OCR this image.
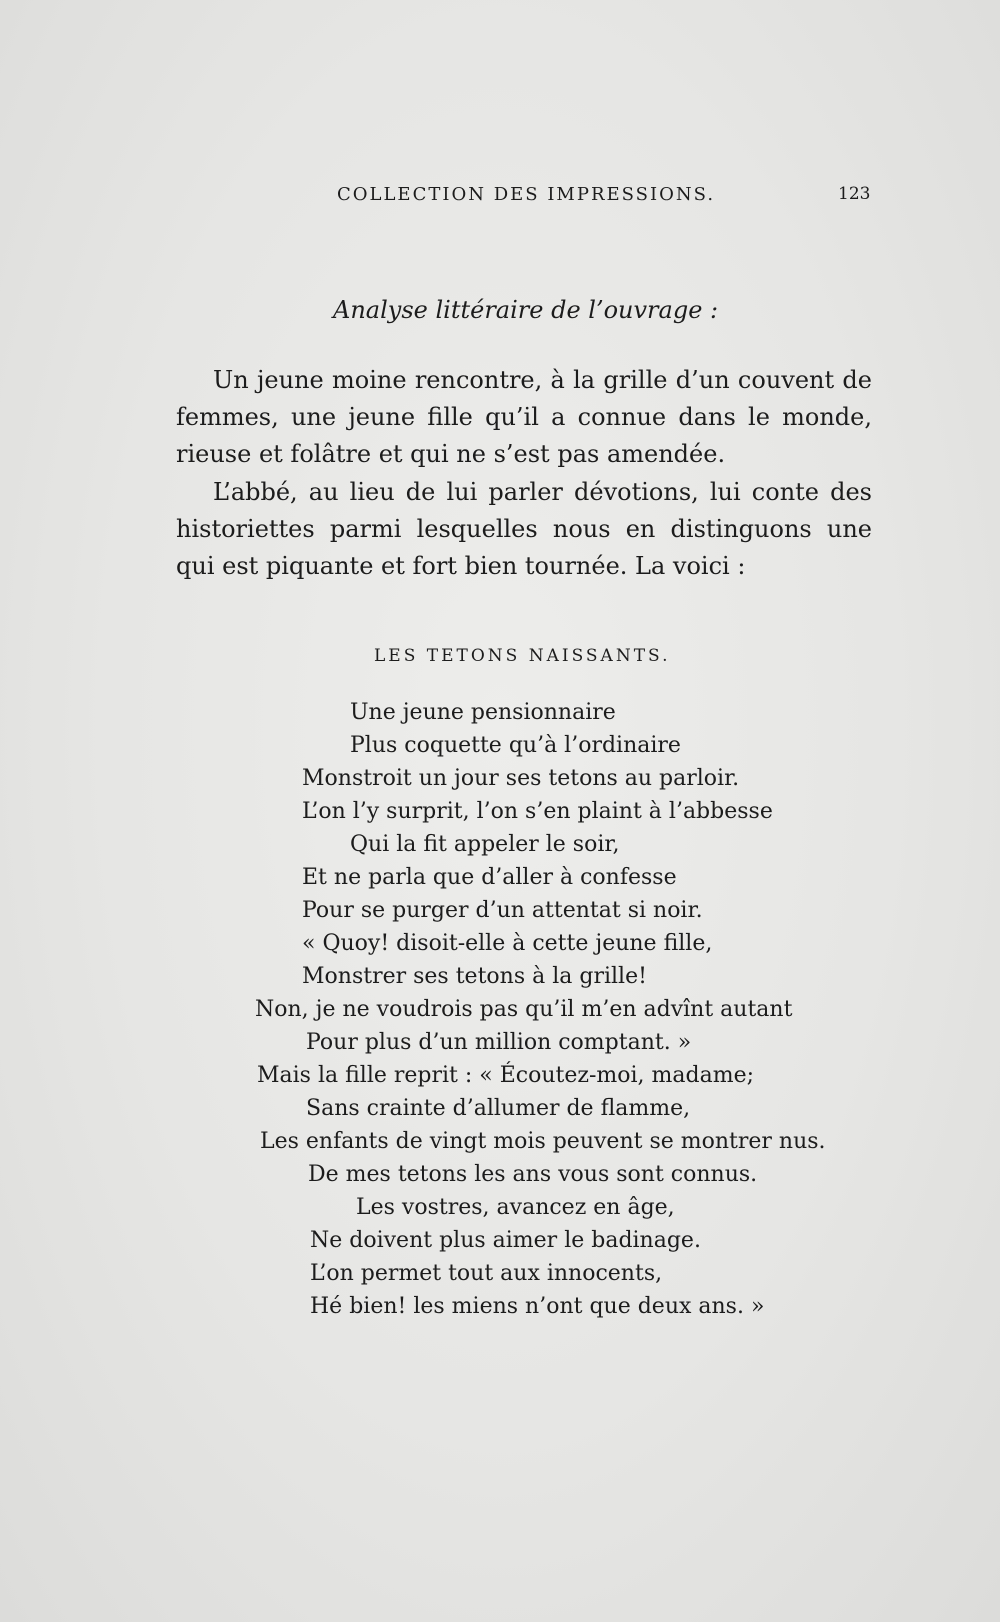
COLLECTION DES IMPRESSIONS.	123
Analyse littéraire de l’ouvrage :
Un jeune moine rencontre, à la grille d’un couvent de femmes, une jeune fille qu’il a connue dans le monde, rieuse et folâtre et qui ne s’est pas amendée.
L’abbé, au lieu de lui parler dévotions, lui conte des historiettes parmi lesquelles nous en distinguons une qui est piquante et fort bien tournée. La voici :
LES TETONS NAISSANTS.
Une jeune pensionnaire
Plus coquette qu’à l’ordinaire
Monstroit un jour ses tetons au parloir.
L’on l’y surprit, l’on s’en plaint à l’abbesse
Qui la fit appeler le soir,
Et ne parla que d’aller à confesse
Pour se purger d’un attentat si noir.
« Quoy! disoit-elle à cette jeune fille,
Monstrer ses tetons à la grille!
Non, je ne voudrois pas qu’il m’en advînt autant
Pour plus d’un million comptant. »
Mais la fille reprit : « Écoutez-moi, madame;
Sans crainte d’allumer de flamme,
Les enfants de vingt mois peuvent se montrer nus.
De mes tetons les ans vous sont connus.
Les vostres, avancez en âge,
Ne doivent plus aimer le badinage.
L’on permet tout aux innocents,
Hé bien! les miens n’ont que deux ans. »
